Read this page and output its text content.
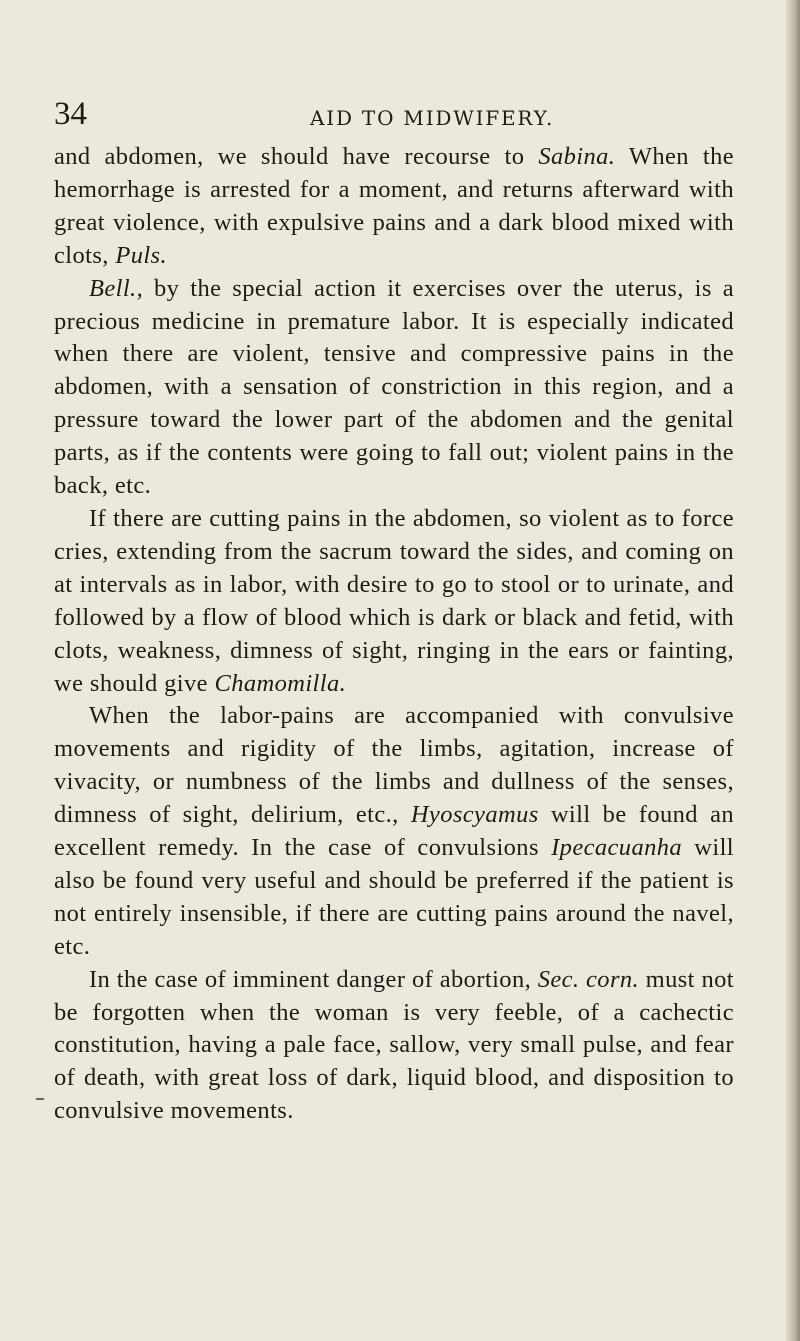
34	AID TO MIDWIFERY.

and abdomen, we should have recourse to Sabina. When the hemorrhage is arrested for a moment, and returns afterward with great violence, with expulsive pains and a dark blood mixed with clots, Puls.

Bell., by the special action it exercises over the uterus, is a precious medicine in premature labor. It is especially indicated when there are violent, tensive and compressive pains in the abdomen, with a sensation of constriction in this region, and a pressure toward the lower part of the abdomen and the genital parts, as if the contents were going to fall out; violent pains in the back, etc.

If there are cutting pains in the abdomen, so violent as to force cries, extending from the sacrum toward the sides, and coming on at intervals as in labor, with desire to go to stool or to urinate, and followed by a flow of blood which is dark or black and fetid, with clots, weakness, dimness of sight, ringing in the ears or fainting, we should give Chamomilla.

When the labor-pains are accompanied with convulsive movements and rigidity of the limbs, agitation, increase of vivacity, or numbness of the limbs and dullness of the senses, dimness of sight, delirium, etc., Hyoscyamus will be found an excellent remedy. In the case of convulsions Ipecacuanha will also be found very useful and should be preferred if the patient is not entirely insensible, if there are cutting pains around the navel, etc.

In the case of imminent danger of abortion, Sec. corn. must not be forgotten when the woman is very feeble, of a cachectic constitution, having a pale face, sallow, very small pulse, and fear of death, with great loss of dark, liquid blood, and disposition to convulsive movements.
